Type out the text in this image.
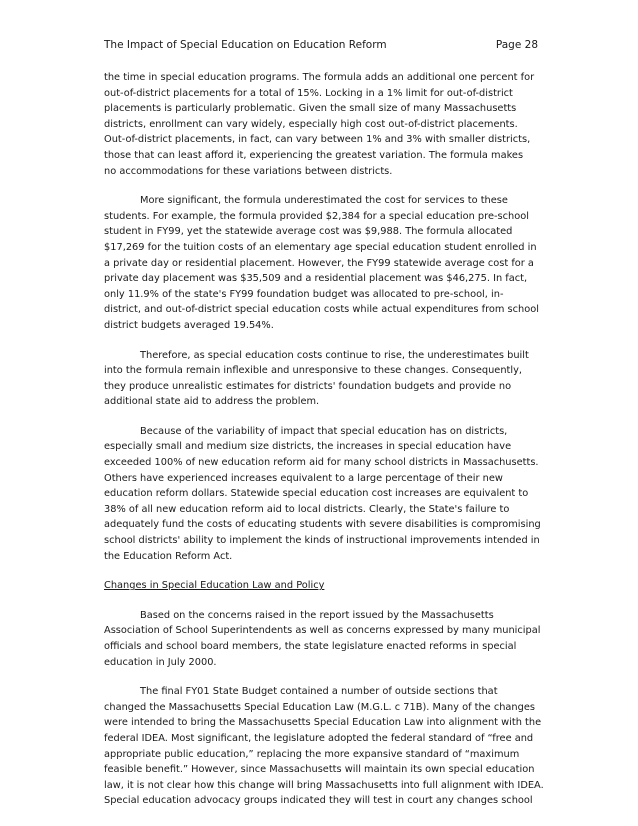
The Impact of Special Education on Education Reform	Page 28

the time in special education programs. The formula adds an additional one percent for
out-of-district placements for a total of 15%. Locking in a 1% limit for out-of-district
placements is particularly problematic. Given the small size of many Massachusetts
districts, enrollment can vary widely, especially high cost out-of-district placements.
Out-of-district placements, in fact, can vary between 1% and 3% with smaller districts,
those that can least afford it, experiencing the greatest variation. The formula makes
no accommodations for these variations between districts.

More significant, the formula underestimated the cost for services to these
students. For example, the formula provided $2,384 for a special education pre-school
student in FY99, yet the statewide average cost was $9,988. The formula allocated
$17,269 for the tuition costs of an elementary age special education student enrolled in
a private day or residential placement. However, the FY99 statewide average cost for a
private day placement was $35,509 and a residential placement was $46,275. In fact,
only 11.9% of the state's FY99 foundation budget was allocated to pre-school, in-
district, and out-of-district special education costs while actual expenditures from school
district budgets averaged 19.54%.

Therefore, as special education costs continue to rise, the underestimates built
into the formula remain inflexible and unresponsive to these changes. Consequently,
they produce unrealistic estimates for districts' foundation budgets and provide no
additional state aid to address the problem.

Because of the variability of impact that special education has on districts,
especially small and medium size districts, the increases in special education have
exceeded 100% of new education reform aid for many school districts in Massachusetts.
Others have experienced increases equivalent to a large percentage of their new
education reform dollars. Statewide special education cost increases are equivalent to
38% of all new education reform aid to local districts. Clearly, the State's failure to
adequately fund the costs of educating students with severe disabilities is compromising
school districts' ability to implement the kinds of instructional improvements intended in
the Education Reform Act.

Changes in Special Education Law and Policy

Based on the concerns raised in the report issued by the Massachusetts
Association of School Superintendents as well as concerns expressed by many municipal
officials and school board members, the state legislature enacted reforms in special
education in July 2000.

The final FY01 State Budget contained a number of outside sections that
changed the Massachusetts Special Education Law (M.G.L. c 71B). Many of the changes
were intended to bring the Massachusetts Special Education Law into alignment with the
federal IDEA. Most significant, the legislature adopted the federal standard of “free and
appropriate public education,” replacing the more expansive standard of “maximum
feasible benefit.” However, since Massachusetts will maintain its own special education
law, it is not clear how this change will bring Massachusetts into full alignment with IDEA.
Special education advocacy groups indicated they will test in court any changes school
